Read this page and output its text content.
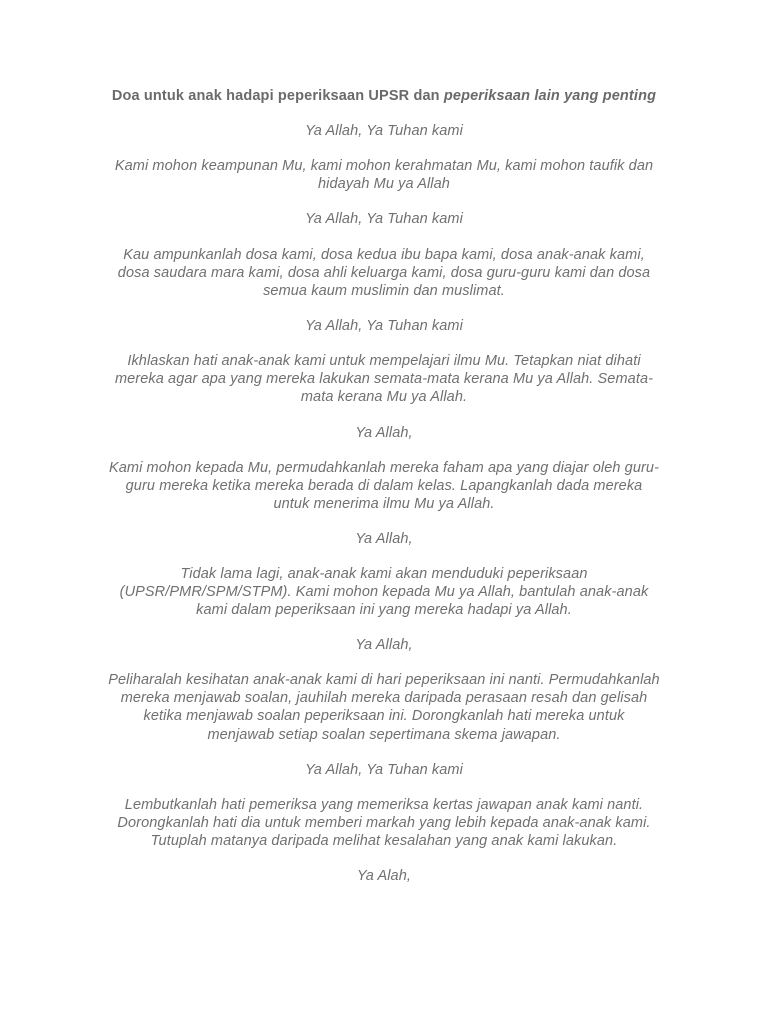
Doa untuk anak hadapi peperiksaan UPSR dan peperiksaan lain yang penting

Ya Allah, Ya Tuhan kami

Kami mohon keampunan Mu, kami mohon kerahmatan Mu, kami mohon taufik dan
hidayah Mu ya Allah

Ya Allah, Ya Tuhan kami

Kau ampunkanlah dosa kami, dosa kedua ibu bapa kami, dosa anak-anak kami,
dosa saudara mara kami, dosa ahli keluarga kami, dosa guru-guru kami dan dosa
semua kaum muslimin dan muslimat.

Ya Allah, Ya Tuhan kami

Ikhlaskan hati anak-anak kami untuk mempelajari ilmu Mu. Tetapkan niat dihati
mereka agar apa yang mereka lakukan semata-mata kerana Mu ya Allah. Semata-
mata kerana Mu ya Allah.

Ya Allah,

Kami mohon kepada Mu, permudahkanlah mereka faham apa yang diajar oleh guru-
guru mereka ketika mereka berada di dalam kelas. Lapangkanlah dada mereka
untuk menerima ilmu Mu ya Allah.

Ya Allah,

Tidak lama lagi, anak-anak kami akan menduduki peperiksaan
(UPSR/PMR/SPM/STPM). Kami mohon kepada Mu ya Allah, bantulah anak-anak
kami dalam peperiksaan ini yang mereka hadapi ya Allah.

Ya Allah,

Peliharalah kesihatan anak-anak kami di hari peperiksaan ini nanti. Permudahkanlah
mereka menjawab soalan, jauhilah mereka daripada perasaan resah dan gelisah
ketika menjawab soalan peperiksaan ini. Dorongkanlah hati mereka untuk
menjawab setiap soalan sepertimana skema jawapan.

Ya Allah, Ya Tuhan kami

Lembutkanlah hati pemeriksa yang memeriksa kertas jawapan anak kami nanti.
Dorongkanlah hati dia untuk memberi markah yang lebih kepada anak-anak kami.
Tutuplah matanya daripada melihat kesalahan yang anak kami lakukan.

Ya Alah,
